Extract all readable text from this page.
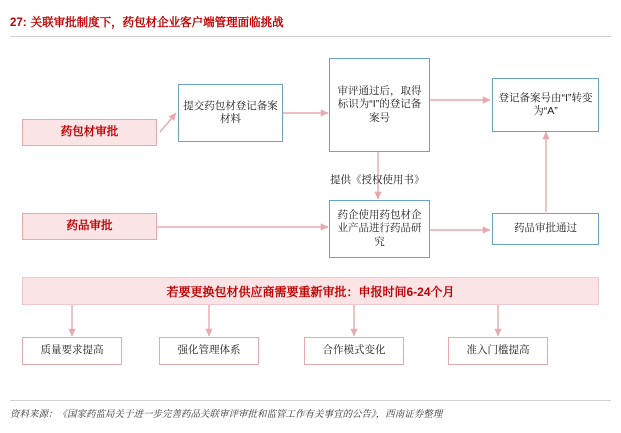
27: 关联审批制度下，药包材企业客户端管理面临挑战
药包材审批
提交药包材登记备案材料
审评通过后，取得标识为“I”的登记备案号
登记备案号由“I”转变为“A”
提供《授权使用书》
药品审批
药企使用药包材企业产品进行药品研究
药品审批通过
若要更换包材供应商需要重新审批：申报时间6-24个月
质量要求提高	强化管理体系	合作模式变化	准入门槛提高
资料来源：《国家药监局关于进一步完善药品关联审评审批和监管工作有关事宜的公告》，西南证券整理
